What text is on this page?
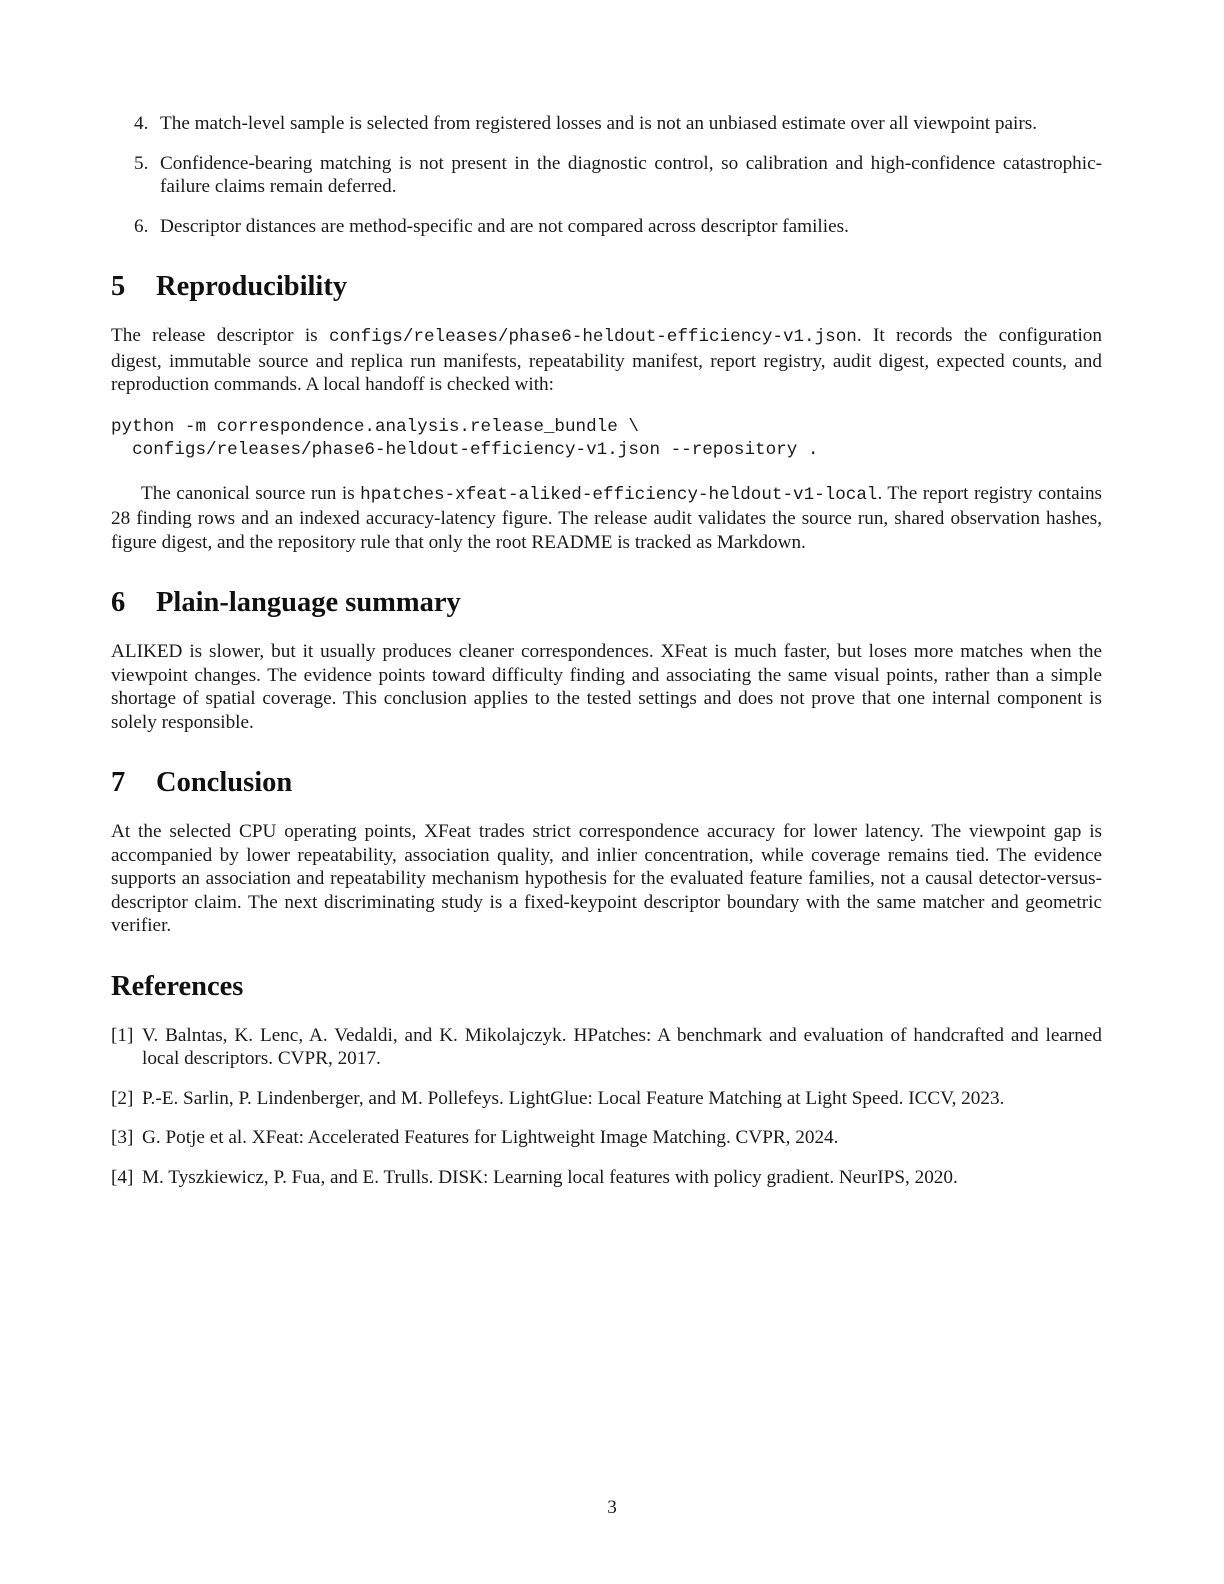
4. The match-level sample is selected from registered losses and is not an unbiased estimate over all viewpoint pairs.
5. Confidence-bearing matching is not present in the diagnostic control, so calibration and high-confidence catastrophic-failure claims remain deferred.
6. Descriptor distances are method-specific and are not compared across descriptor families.
5 Reproducibility

The release descriptor is configs/releases/phase6-heldout-efficiency-v1.json. It records the configuration digest, immutable source and replica run manifests, repeatability manifest, report registry, audit digest, expected counts, and reproduction commands. A local handoff is checked with:

python -m correspondence.analysis.release_bundle \
configs/releases/phase6-heldout-efficiency-v1.json --repository .

The canonical source run is hpatches-xfeat-aliked-efficiency-heldout-v1-local. The report registry contains 28 finding rows and an indexed accuracy-latency figure. The release audit validates the source run, shared observation hashes, figure digest, and the repository rule that only the root README is tracked as Markdown.

6 Plain-language summary

ALIKED is slower, but it usually produces cleaner correspondences. XFeat is much faster, but loses more matches when the viewpoint changes. The evidence points toward difficulty finding and associating the same visual points, rather than a simple shortage of spatial coverage. This conclusion applies to the tested settings and does not prove that one internal component is solely responsible.

7 Conclusion

At the selected CPU operating points, XFeat trades strict correspondence accuracy for lower latency. The viewpoint gap is accompanied by lower repeatability, association quality, and inlier concentration, while coverage remains tied. The evidence supports an association and repeatability mechanism hypothesis for the evaluated feature families, not a causal detector-versus-descriptor claim. The next discriminating study is a fixed-keypoint descriptor boundary with the same matcher and geometric verifier.

References
[1] V. Balntas, K. Lenc, A. Vedaldi, and K. Mikolajczyk. HPatches: A benchmark and evaluation of handcrafted and learned local descriptors. CVPR, 2017.
[2] P.-E. Sarlin, P. Lindenberger, and M. Pollefeys. LightGlue: Local Feature Matching at Light Speed. ICCV, 2023.
[3] G. Potje et al. XFeat: Accelerated Features for Lightweight Image Matching. CVPR, 2024.
[4] M. Tyszkiewicz, P. Fua, and E. Trulls. DISK: Learning local features with policy gradient. NeurIPS, 2020.
3
